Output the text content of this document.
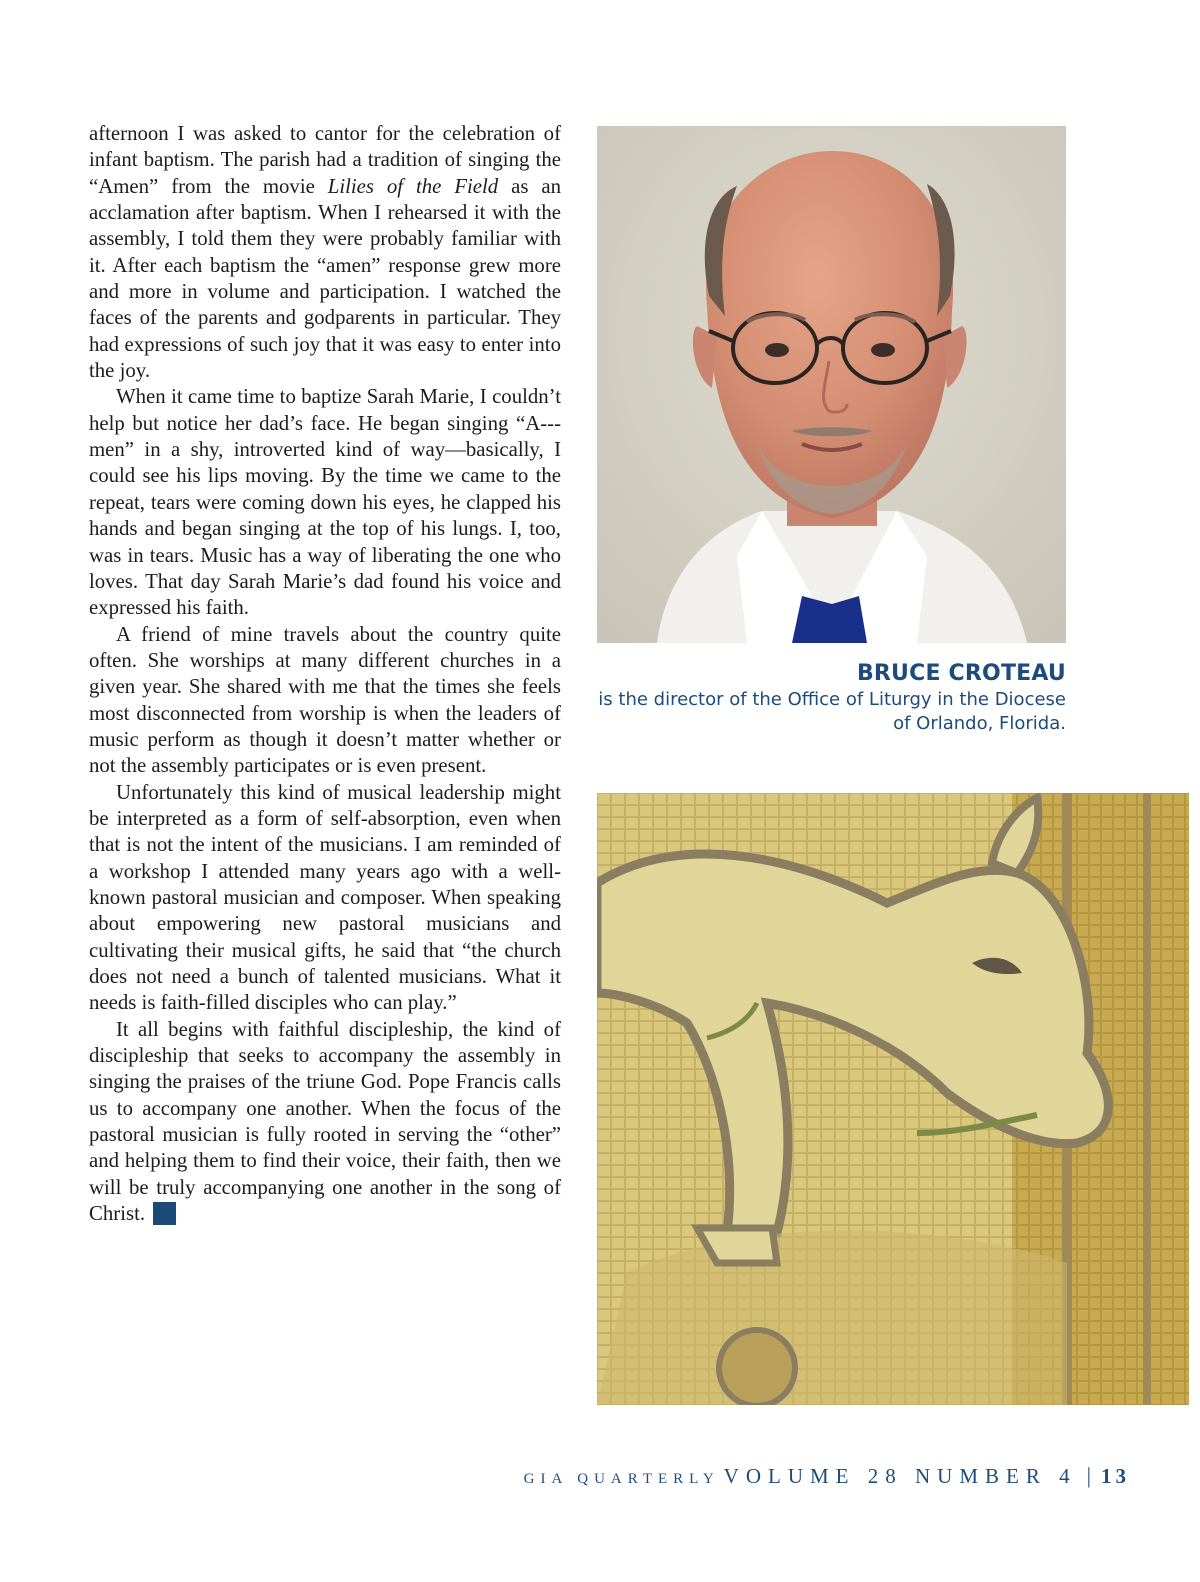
afternoon I was asked to cantor for the celebration of infant baptism. The parish had a tradition of singing the “Amen” from the movie Lilies of the Field as an acclamation after baptism. When I rehearsed it with the assembly, I told them they were probably familiar with it. After each baptism the “amen” response grew more and more in volume and participation. I watched the faces of the parents and godparents in particular. They had expressions of such joy that it was easy to enter into the joy.

When it came time to baptize Sarah Marie, I couldn’t help but notice her dad’s face. He began singing “A---men” in a shy, introverted kind of way—basically, I could see his lips moving. By the time we came to the repeat, tears were coming down his eyes, he clapped his hands and began singing at the top of his lungs. I, too, was in tears. Music has a way of liberating the one who loves. That day Sarah Marie’s dad found his voice and expressed his faith.

A friend of mine travels about the country quite often. She worships at many different churches in a given year. She shared with me that the times she feels most disconnected from worship is when the leaders of music perform as though it doesn’t matter whether or not the assembly participates or is even present.

Unfortunately this kind of musical leadership might be interpreted as a form of self-absorption, even when that is not the intent of the musicians. I am reminded of a workshop I attended many years ago with a well-known pastoral musician and composer. When speaking about empowering new pastoral musicians and cultivating their musical gifts, he said that “the church does not need a bunch of talented musicians. What it needs is faith-filled disciples who can play.”

It all begins with faithful discipleship, the kind of discipleship that seeks to accompany the assembly in singing the praises of the triune God. Pope Francis calls us to accompany one another. When the focus of the pastoral musician is fully rooted in serving the “other” and helping them to find their voice, their faith, then we will be truly accompanying one another in the song of Christ.

BRUCE CROTEAU
is the director of the Office of Liturgy in the Diocese
of Orlando, Florida.
GIA QUARTERLY VOLUME 28 NUMBER 4 | 13
